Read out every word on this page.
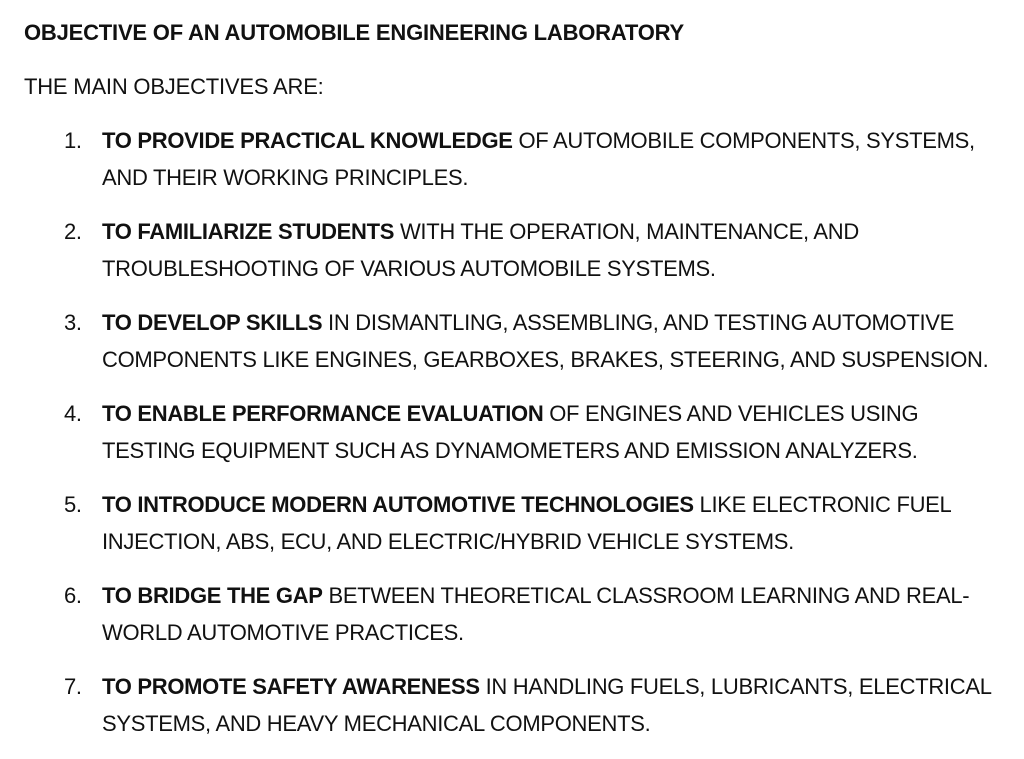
OBJECTIVE OF AN AUTOMOBILE ENGINEERING LABORATORY

THE MAIN OBJECTIVES ARE:

1. TO PROVIDE PRACTICAL KNOWLEDGE OF AUTOMOBILE COMPONENTS, SYSTEMS, AND THEIR WORKING PRINCIPLES.
2. TO FAMILIARIZE STUDENTS WITH THE OPERATION, MAINTENANCE, AND TROUBLESHOOTING OF VARIOUS AUTOMOBILE SYSTEMS.
3. TO DEVELOP SKILLS IN DISMANTLING, ASSEMBLING, AND TESTING AUTOMOTIVE COMPONENTS LIKE ENGINES, GEARBOXES, BRAKES, STEERING, AND SUSPENSION.
4. TO ENABLE PERFORMANCE EVALUATION OF ENGINES AND VEHICLES USING TESTING EQUIPMENT SUCH AS DYNAMOMETERS AND EMISSION ANALYZERS.
5. TO INTRODUCE MODERN AUTOMOTIVE TECHNOLOGIES LIKE ELECTRONIC FUEL INJECTION, ABS, ECU, AND ELECTRIC/HYBRID VEHICLE SYSTEMS.
6. TO BRIDGE THE GAP BETWEEN THEORETICAL CLASSROOM LEARNING AND REAL-WORLD AUTOMOTIVE PRACTICES.
7. TO PROMOTE SAFETY AWARENESS IN HANDLING FUELS, LUBRICANTS, ELECTRICAL SYSTEMS, AND HEAVY MECHANICAL COMPONENTS.
